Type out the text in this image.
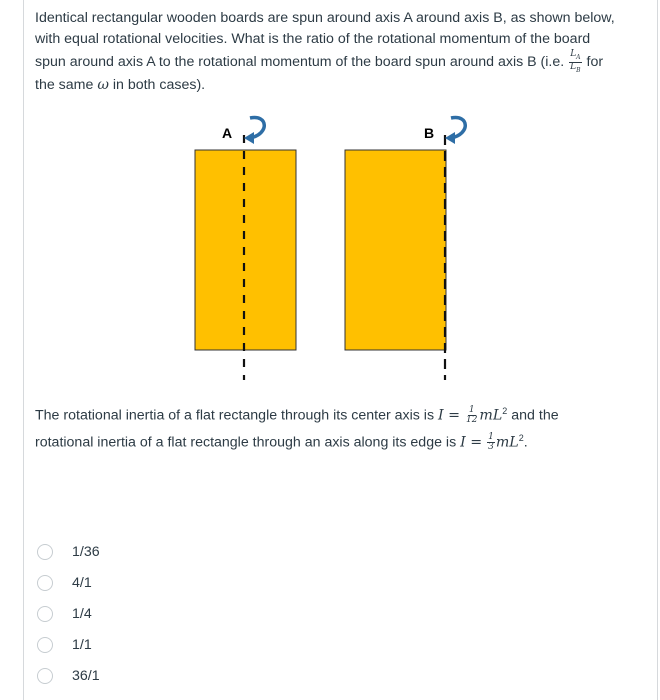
Identical rectangular wooden boards are spun around axis A around axis B, as shown below,
with equal rotational velocities. What is the ratio of the rotational momentum of the board
spun around axis A to the rotational momentum of the board spun around axis B (i.e. $\frac{L_A}{L_B}$ for
the same ω in both cases).
A	B
The rotational inertia of a flat rectangle through its center axis is $I = \frac{1}{12} mL^2$ and the
rotational inertia of a flat rectangle through an axis along its edge is $I = \frac{1}{3} mL^2$.
1/36
4/1
1/4
1/1
36/1
